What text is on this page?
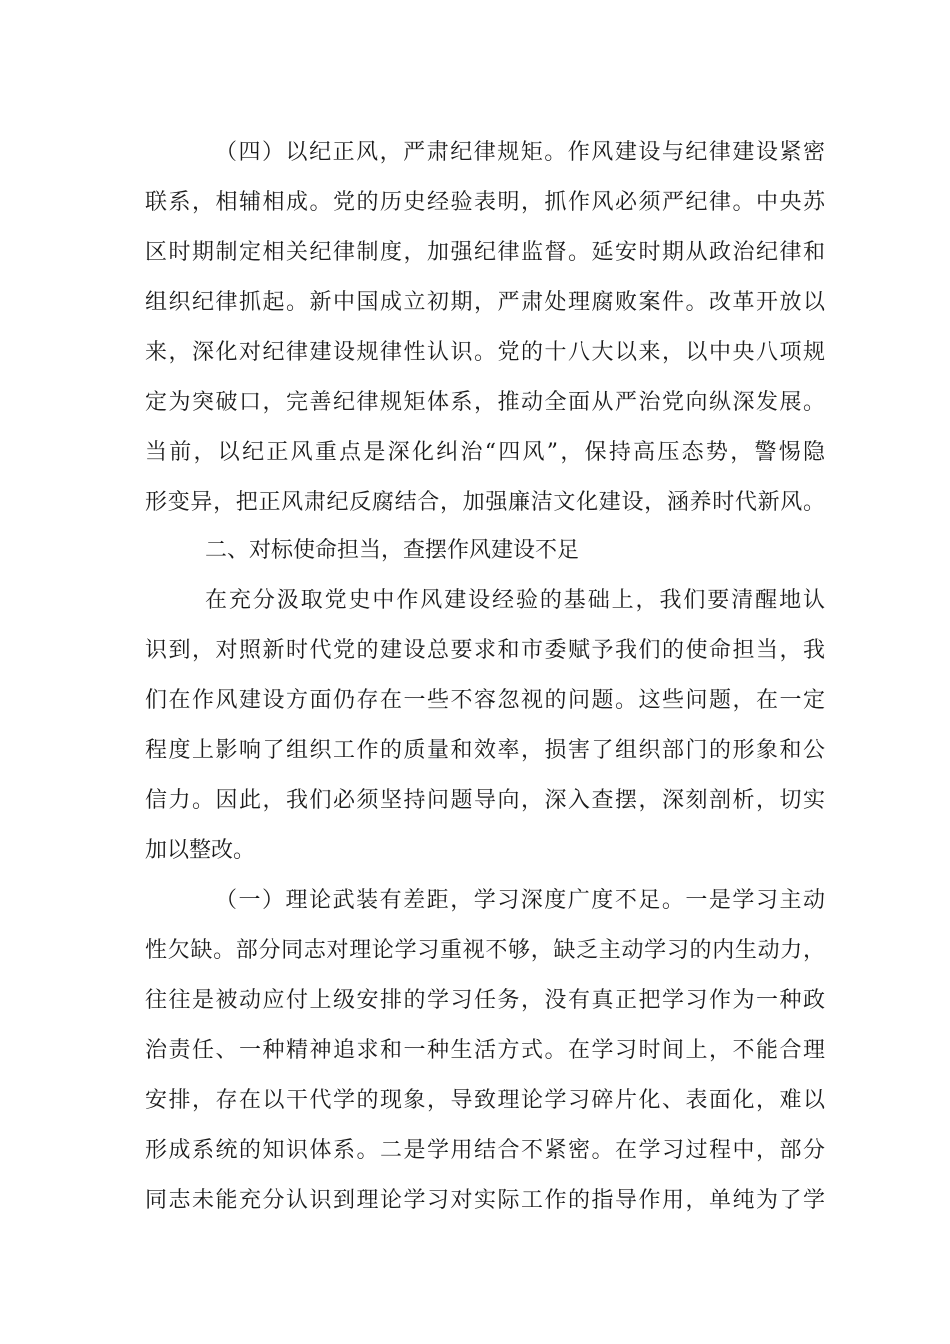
（四）以纪正风，严肃纪律规矩。作风建设与纪律建设紧密
联系，相辅相成。党的历史经验表明，抓作风必须严纪律。中央苏
区时期制定相关纪律制度，加强纪律监督。延安时期从政治纪律和
组织纪律抓起。新中国成立初期，严肃处理腐败案件。改革开放以
来，深化对纪律建设规律性认识。党的十八大以来，以中央八项规
定为突破口，完善纪律规矩体系，推动全面从严治党向纵深发展。
当前，以纪正风重点是深化纠治“四风”，保持高压态势，警惕隐
形变异，把正风肃纪反腐结合，加强廉洁文化建设，涵养时代新风。
二、对标使命担当，查摆作风建设不足
在充分汲取党史中作风建设经验的基础上，我们要清醒地认
识到，对照新时代党的建设总要求和市委赋予我们的使命担当，我
们在作风建设方面仍存在一些不容忽视的问题。这些问题，在一定
程度上影响了组织工作的质量和效率，损害了组织部门的形象和公
信力。因此，我们必须坚持问题导向，深入查摆，深刻剖析，切实
加以整改。
（一）理论武装有差距，学习深度广度不足。一是学习主动
性欠缺。部分同志对理论学习重视不够，缺乏主动学习的内生动力，
往往是被动应付上级安排的学习任务，没有真正把学习作为一种政
治责任、一种精神追求和一种生活方式。在学习时间上，不能合理
安排，存在以干代学的现象，导致理论学习碎片化、表面化，难以
形成系统的知识体系。二是学用结合不紧密。在学习过程中，部分
同志未能充分认识到理论学习对实际工作的指导作用，单纯为了学
